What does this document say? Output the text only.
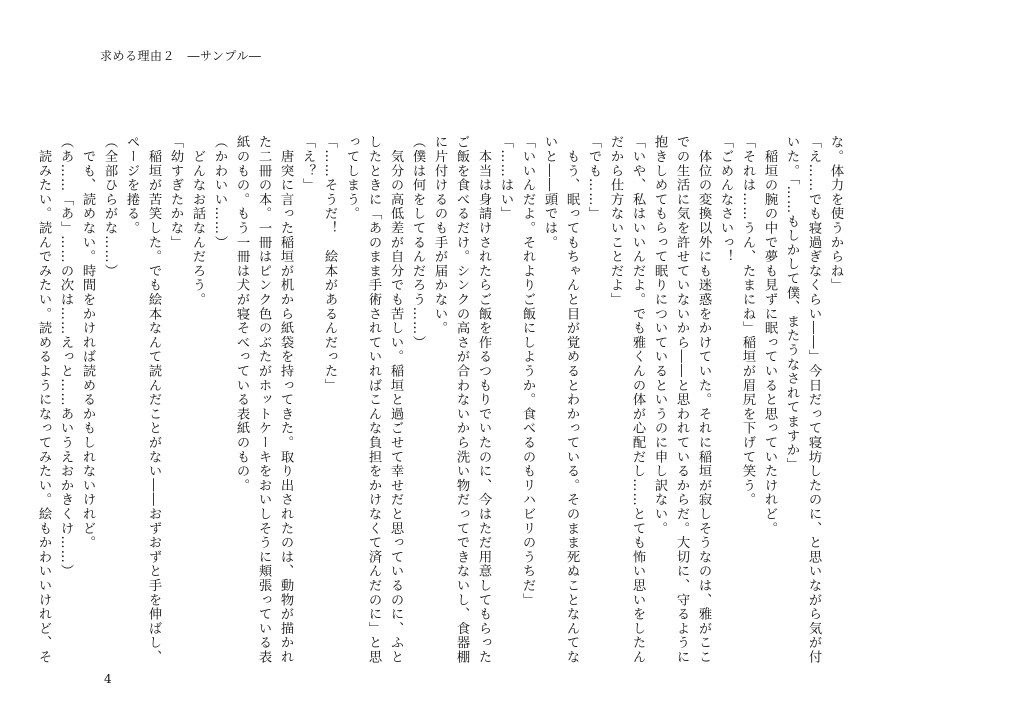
求める理由２　―サンプル―

な。体力を使うからね」

「え……でも寝過ぎなくらい――」今日だって寝坊したのに、と思いながら気が付

いた。「……もしかして僕、またうなされてますか」

　稲垣の腕の中で夢も見ずに眠っていると思っていたけれど。

「それは……うん、たまにね」稲垣が眉尻を下げて笑う。

「ごめんなさいっ！

　体位の変換以外にも迷惑をかけていた。それに稲垣が寂しそうなのは、雅がここ

での生活に気を許せていないから――と思われているからだ。大切に、守るように

抱きしめてもらって眠りについているというのに申し訳ない。

「いや、私はいいんだよ。でも雅くんの体が心配だし……とても怖い思いをしたん

だから仕方ないことだよ」

「でも……」

　もう、眠ってもちゃんと目が覚めるとわかっている。そのまま死ぬことなんてな

いと――頭では。

「いいんだよ。それよりご飯にしようか。食べるのもリハビリのうちだ」

「……はい」

　本当は身請けされたらご飯を作るつもりでいたのに、今はただ用意してもらった

ご飯を食べるだけ。シンクの高さが合わないから洗い物だってできないし、食器棚

に片付けるのも手が届かない。

（僕は何をしてるんだろう……）

　気分の高低差が自分でも苦しい。稲垣と過ごせて幸せだと思っているのに、ふと

したときに「あのまま手術されていればこんな負担をかけなくて済んだのに」と思

ってしまう。

「……そうだ！　絵本があるんだった」

「え？」

　唐突に言った稲垣が机から紙袋を持ってきた。取り出されたのは、動物が描かれ

た二冊の本。一冊はピンク色のぶたがホットケーキをおいしそうに頬張っている表

紙のもの。もう一冊は犬が寝そべっている表紙のもの。

（かわいい……）

　どんなお話なんだろう。

「幼すぎたかな」

　稲垣が苦笑した。でも絵本なんて読んだことがない――おずおずと手を伸ばし、

ページを捲る。

（全部ひらがな……）

　でも、読めない。時間をかければ読めるかもしれないけれど。

（あ……「あ」……の次は……えっと……あいうえおかきくけ……）

　読みたい。読んでみたい。読めるようになってみたい。絵もかわいいけれど、そ

4
